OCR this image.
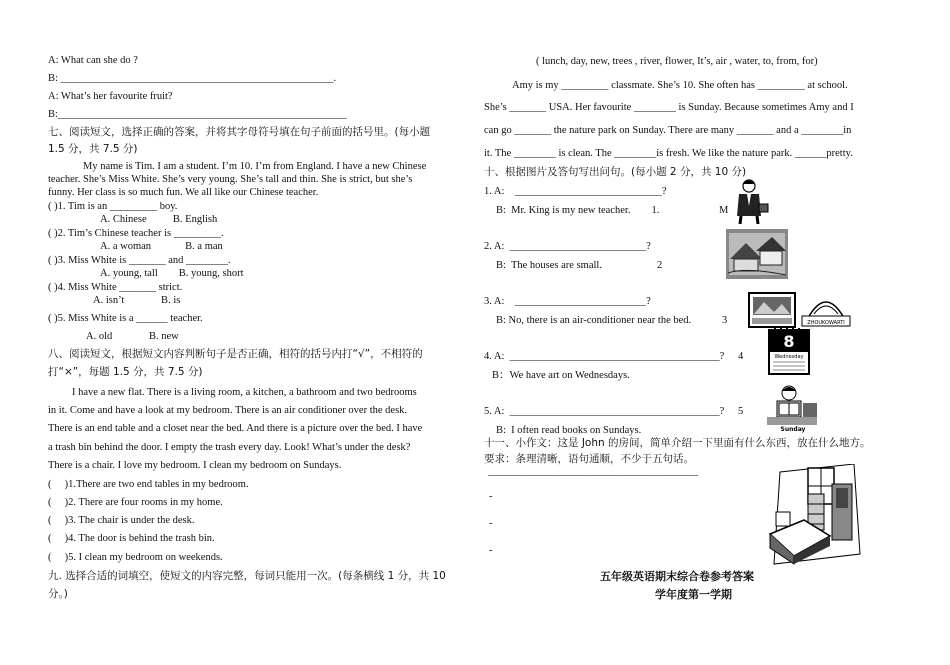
A: What can she do ?
B: ____________________________________________________.
A: What’s her favourite fruit?
B:_______________________________________________________
七、阅读短文，选择正确的答案，并将其字母符号填在句子前面的括号里。(每小题
1.5 分，共 7.5 分)
My name is Tim. I am a student. I’m 10. I’m from England. I have a new Chinese
teacher. She’s Miss White. She’s very young. She’s tall and thin. She is strict, but she’s
funny. Her class is so much fun. We all like our Chinese teacher.
( )1. Tim is an _________ boy.
A. Chinese          B. English
( )2. Tim’s Chinese teacher is _________.
A. a woman             B. a man
( )3. Miss White is _______ and ________.
A. young, tall        B. young, short
( )4. Miss White _______ strict.
A. isn’t              B. is
( )5. Miss White is a ______ teacher.
A. old              B. new
八、阅读短文，根据短文内容判断句子是否正确，相符的括号内打“√”，不相符的
打“×”，每题 1.5 分，共 7.5 分)
I have a new flat. There is a living room, a kitchen, a bathroom and two bedrooms
in it. Come and have a look at my bedroom. There is an air conditioner over the desk.
There is an end table and a closet near the bed. And there is a picture over the bed. I have
a trash bin behind the door. I empty the trash every day. Look! What’s under the desk?
There is a chair. I love my bedroom. I clean my bedroom on Sundays.
(     )1.There are two end tables in my bedroom.
(     )2. There are four rooms in my home.
(     )3. The chair is under the desk.
(     )4. The door is behind the trash bin.
(     )5. I clean my bedroom on weekends.
九. 选择合适的词填空，使短文的内容完整，每词只能用一次。(每条横线 1 分，共 10
分。)
( lunch, day, new, trees , river, flower, It’s, air , water, to, from, for)
Amy is my _________ classmate. She’s 10. She often has _________ at school.
She’s _______ USA. Her favourite ________ is Sunday. Because sometimes Amy and I
can go _______ the nature park on Sunday. There are many _______ and a ________in
it. The ________ is clean. The ________is fresh. We like the nature park. ______pretty.
十、根据图片及答句写出问句。(每小题 2 分，共 10 分)
1. A:    ____________________________?
B:  Mr. King is my new teacher.        1.	M
2. A:  __________________________?
B:  The houses are small.	2
3. A:    _________________________?
B: No, there is an air-conditioner near the bed.	3
4. A:  ________________________________________? 4
B：We have art on Wednesdays.
5. A:  ________________________________________? 5
B:  I often read books on Sundays.
十一、小作文：这是 John 的房间，简单介绍一下里面有什么东西，放在什么地方。
要求：条理清晰，语句通顺，不少于五句话。
________________________________________
-
-
-
五年级英语期末综合卷参考答案
学年度第一学期
ZHOUKOWARTI
8
Wednesday
Sunday
